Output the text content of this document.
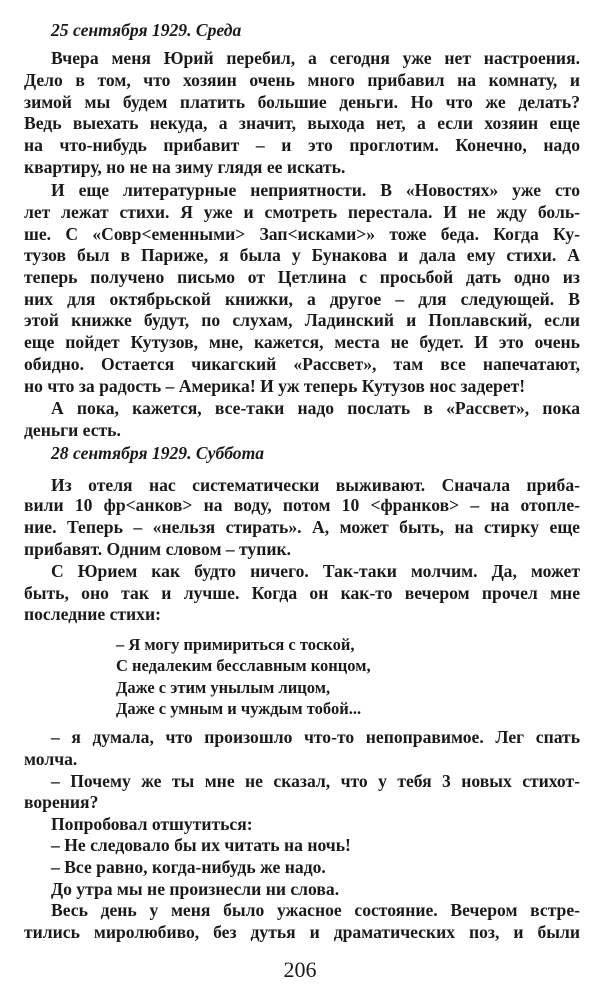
206
25 сентября 1929. Среда
Вчера меня Юрий перебил, а сегодня уже нет настроения.
Дело в том, что хозяин очень много прибавил на комнату, и
зимой мы будем платить большие деньги. Но что же делать?
Ведь выехать некуда, а значит, выхода нет, а если хозяин еще
на что-нибудь прибавит – и это проглотим. Конечно, надо
квартиру, но не на зиму глядя ее искать.
И еще литературные неприятности. В «Новостях» уже сто
лет лежат стихи. Я уже и смотреть перестала. И не жду боль-
ше. С «Совр<еменными> Зап<исками>» тоже беда. Когда Ку-
тузов был в Париже, я была у Бунакова и дала ему стихи. А
теперь получено письмо от Цетлина с просьбой дать одно из
них для октябрьской книжки, а другое – для следующей. В
этой книжке будут, по слухам, Ладинский и Поплавский, если
еще пойдет Кутузов, мне, кажется, места не будет. И это очень
обидно. Остается чикагский «Рассвет», там все напечатают,
но что за радость – Америка! И уж теперь Кутузов нос задерет!
А пока, кажется, все-таки надо послать в «Рассвет», пока
деньги есть.
28 сентября 1929. Суббота
Из отеля нас систематически выживают. Сначала приба-
вили 10 фр<анков> на воду, потом 10 <франков> – на отопле-
ние. Теперь – «нельзя стирать». А, может быть, на стирку еще
прибавят. Одним словом – тупик.
С Юрием как будто ничего. Так-таки молчим. Да, может
быть, оно так и лучше. Когда он как-то вечером прочел мне
последние стихи:
– Я могу примириться с тоской,
С недалеким бесславным концом,
Даже с этим унылым лицом,
Даже с умным и чуждым тобой...
– я думала, что произошло что-то непоправимое. Лег спать
молча.
– Почему же ты мне не сказал, что у тебя 3 новых стихот-
ворения?
Попробовал отшутиться:
– Не следовало бы их читать на ночь!
– Все равно, когда-нибудь же надо.
До утра мы не произнесли ни слова.
Весь день у меня было ужасное состояние. Вечером встре-
тились миролюбиво, без дутья и драматических поз, и были
